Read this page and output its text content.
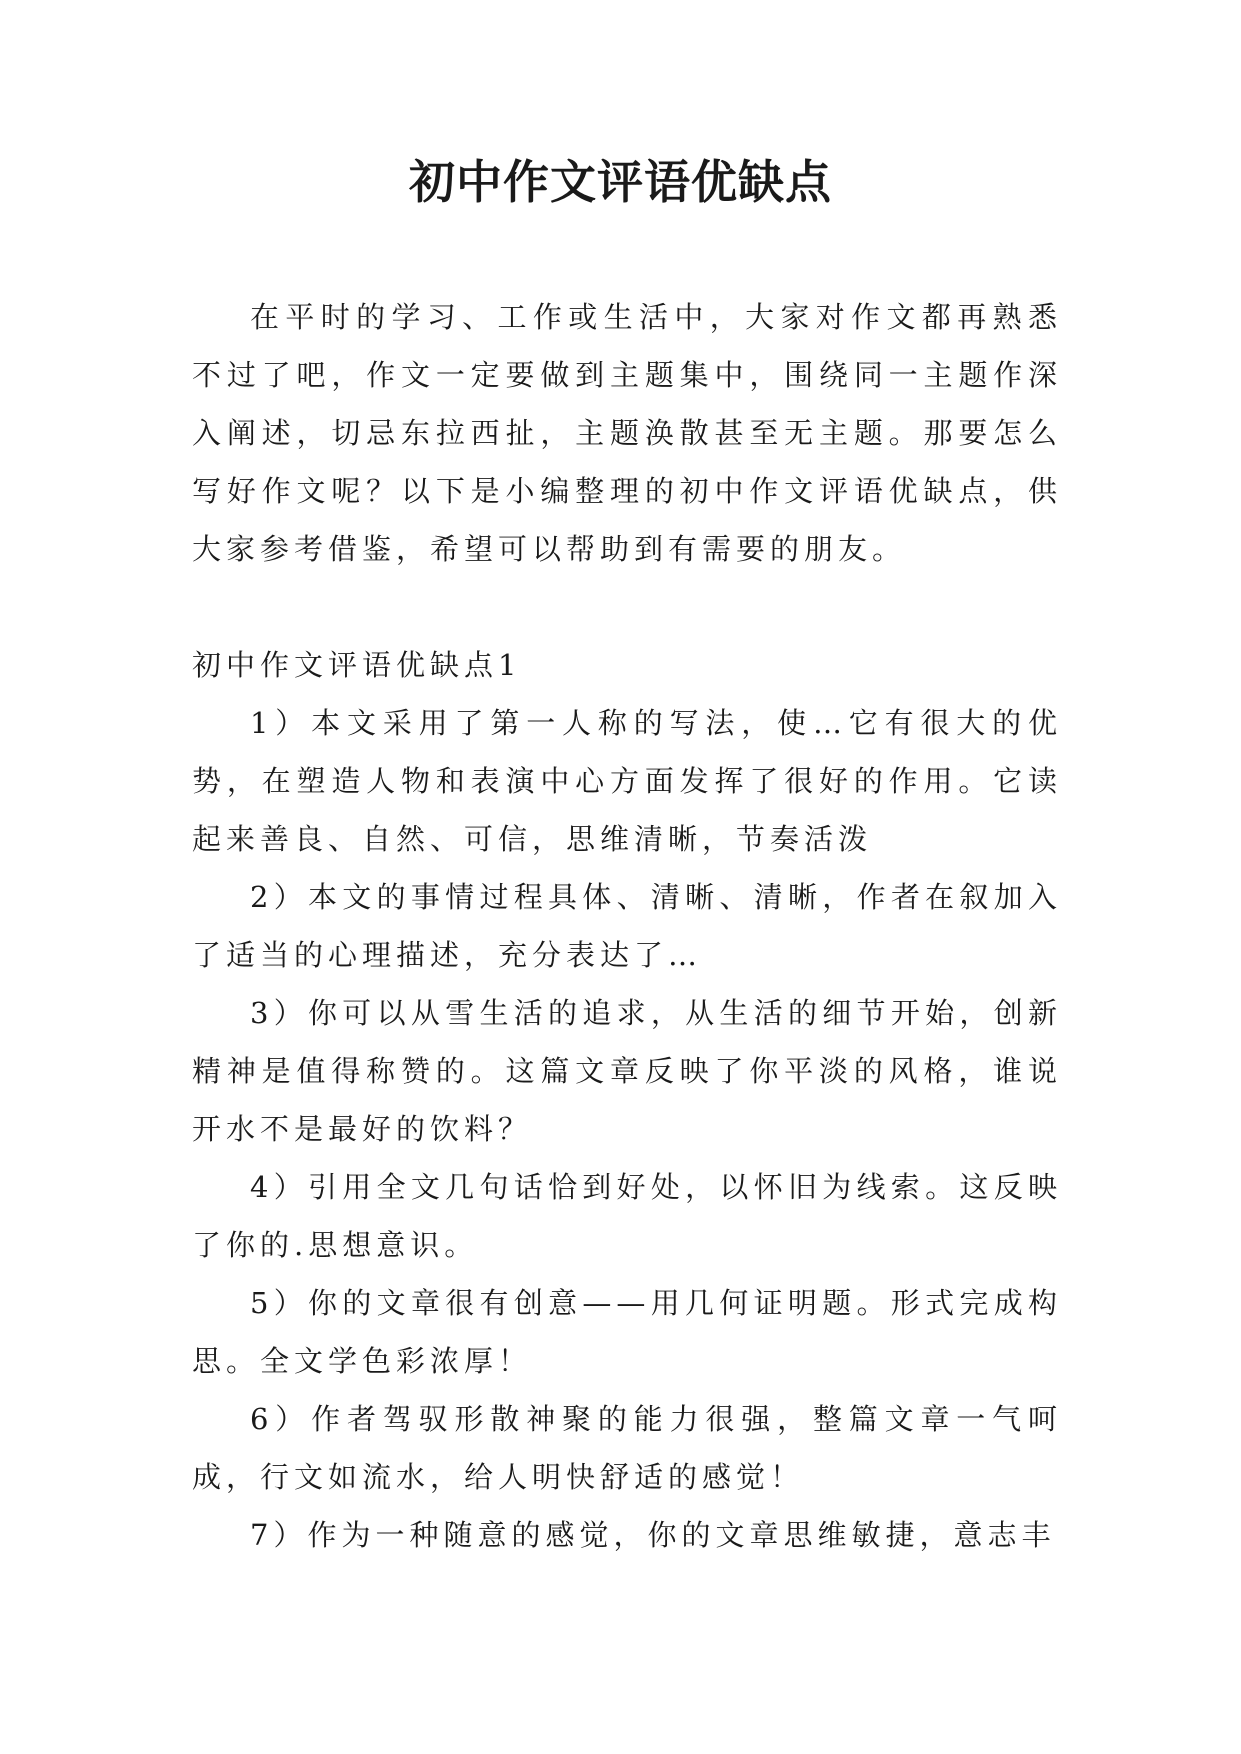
初中作文评语优缺点

在平时的学习、工作或生活中，大家对作文都再熟悉不过了吧，作文一定要做到主题集中，围绕同一主题作深入阐述，切忌东拉西扯，主题涣散甚至无主题。那要怎么写好作文呢？以下是小编整理的初中作文评语优缺点，供大家参考借鉴，希望可以帮助到有需要的朋友。

初中作文评语优缺点1

1）本文采用了第一人称的写法，使…它有很大的优势，在塑造人物和表演中心方面发挥了很好的作用。它读起来善良、自然、可信，思维清晰，节奏活泼

2）本文的事情过程具体、清晰、清晰，作者在叙加入了适当的心理描述，充分表达了…

3）你可以从雪生活的追求，从生活的细节开始，创新精神是值得称赞的。这篇文章反映了你平淡的风格，谁说开水不是最好的饮料？

4）引用全文几句话恰到好处，以怀旧为线索。这反映了你的.思想意识。

5）你的文章很有创意——用几何证明题。形式完成构思。全文学色彩浓厚！

6）作者驾驭形散神聚的能力很强，整篇文章一气呵成，行文如流水，给人明快舒适的感觉！

7）作为一种随意的感觉，你的文章思维敏捷，意志丰
